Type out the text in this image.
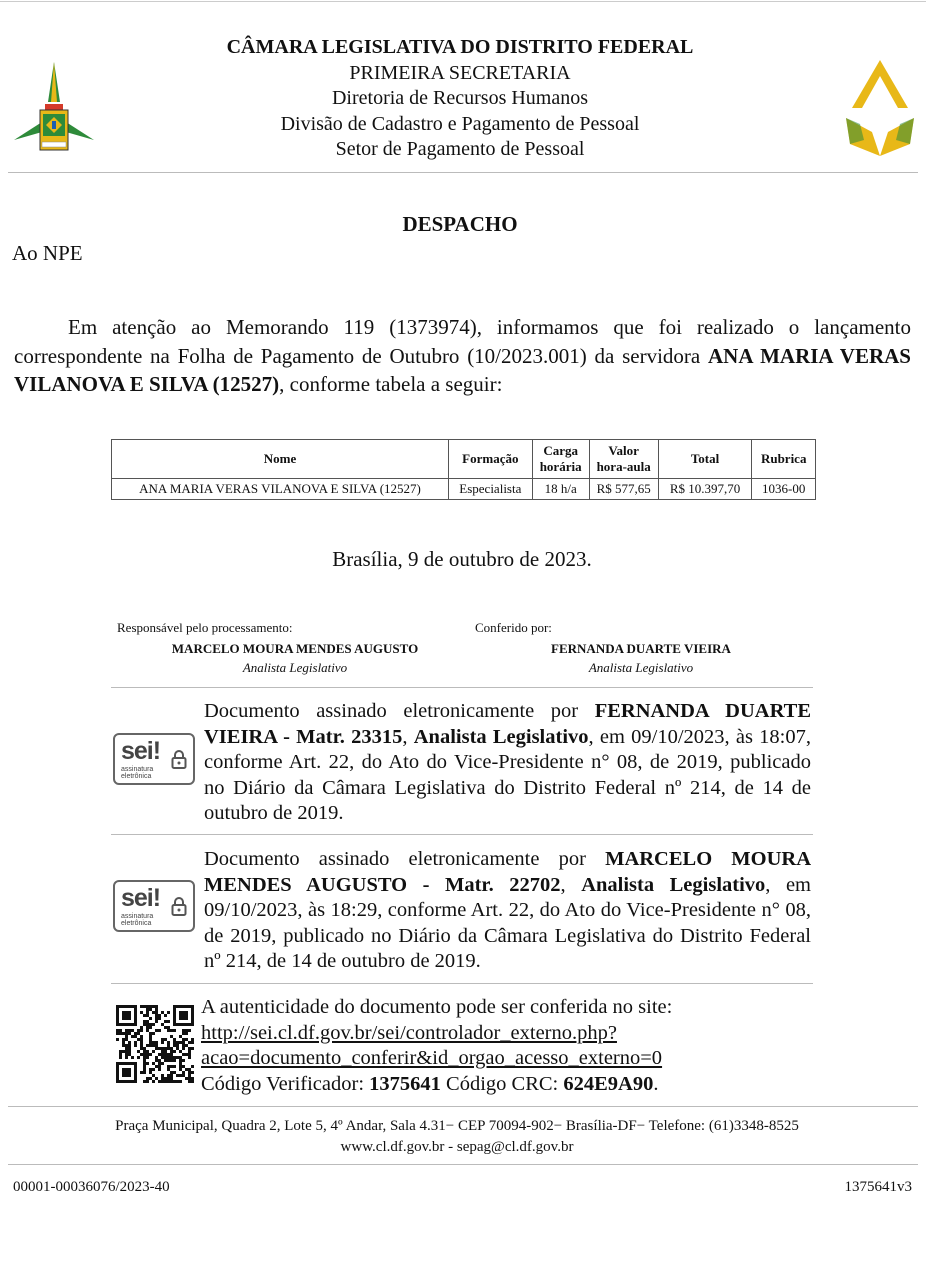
CÂMARA LEGISLATIVA DO DISTRITO FEDERAL
PRIMEIRA SECRETARIA
Diretoria de Recursos Humanos
Divisão de Cadastro e Pagamento de Pessoal
Setor de Pagamento de Pessoal
DESPACHO
Ao NPE
Em atenção ao Memorando 119 (1373974), informamos que foi realizado o lançamento correspondente na Folha de Pagamento de Outubro (10/2023.001) da servidora ANA MARIA VERAS VILANOVA E SILVA (12527), conforme tabela a seguir:
Nome	Formação	Carga horária	Valor hora-aula	Total	Rubrica
ANA MARIA VERAS VILANOVA E SILVA (12527)	Especialista	18 h/a	R$ 577,65	R$ 10.397,70	1036-00
Brasília, 9 de outubro de 2023.
Responsável pelo processamento:
MARCELO MOURA MENDES AUGUSTO
Analista Legislativo
Conferido por:
FERNANDA DUARTE VIEIRA
Analista Legislativo
sei!
assinatura
eletrônica
Documento assinado eletronicamente por FERNANDA DUARTE VIEIRA - Matr. 23315, Analista Legislativo, em 09/10/2023, às 18:07, conforme Art. 22, do Ato do Vice-Presidente n° 08, de 2019, publicado no Diário da Câmara Legislativa do Distrito Federal nº 214, de 14 de outubro de 2019.
sei!
assinatura
eletrônica
Documento assinado eletronicamente por MARCELO MOURA MENDES AUGUSTO - Matr. 22702, Analista Legislativo, em 09/10/2023, às 18:29, conforme Art. 22, do Ato do Vice-Presidente n° 08, de 2019, publicado no Diário da Câmara Legislativa do Distrito Federal nº 214, de 14 de outubro de 2019.
A autenticidade do documento pode ser conferida no site:
http://sei.cl.df.gov.br/sei/controlador_externo.php?
acao=documento_conferir&id_orgao_acesso_externo=0
Código Verificador: 1375641 Código CRC: 624E9A90.
Praça Municipal, Quadra 2, Lote 5, 4º Andar, Sala 4.31− CEP 70094-902− Brasília-DF− Telefone: (61)3348-8525
www.cl.df.gov.br - sepag@cl.df.gov.br
00001-00036076/2023-40	1375641v3
